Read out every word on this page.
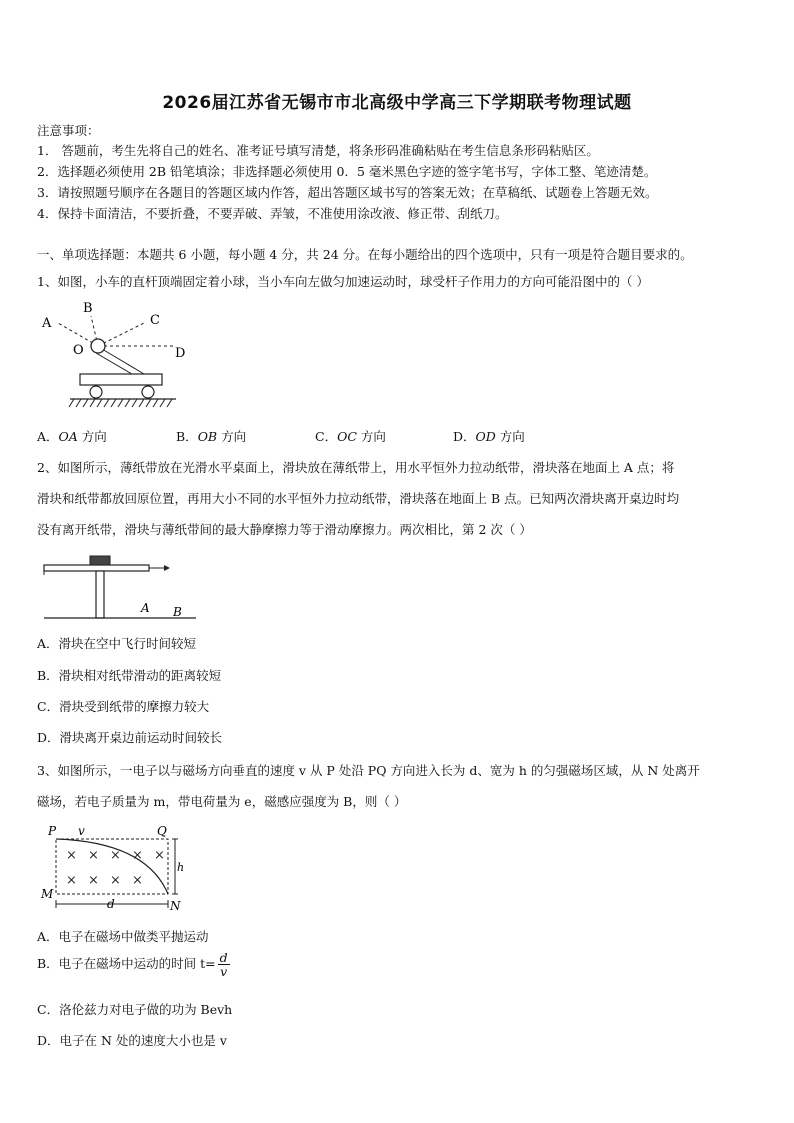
2026届江苏省无锡市市北高级中学高三下学期联考物理试题
注意事项：
1． 答题前，考生先将自己的姓名、准考证号填写清楚，将条形码准确粘贴在考生信息条形码粘贴区。
2．选择题必须使用 2B 铅笔填涂；非选择题必须使用 0．5 毫米黑色字迹的签字笔书写，字体工整、笔迹清楚。
3．请按照题号顺序在各题目的答题区域内作答，超出答题区域书写的答案无效；在草稿纸、试题卷上答题无效。
4．保持卡面清洁，不要折叠，不要弄破、弄皱，不准使用涂改液、修正带、刮纸刀。
一、单项选择题：本题共 6 小题，每小题 4 分，共 24 分。在每小题给出的四个选项中，只有一项是符合题目要求的。
1、如图，小车的直杆顶端固定着小球，当小车向左做匀加速运动时，球受杆子作用力的方向可能沿图中的（ ）
A
B
C
D
O
A．OA 方向	B．OB 方向	C．OC 方向	D．OD 方向
2、如图所示，薄纸带放在光滑水平桌面上，滑块放在薄纸带上，用水平恒外力拉动纸带，滑块落在地面上 A 点；将
滑块和纸带都放回原位置，再用大小不同的水平恒外力拉动纸带，滑块落在地面上 B 点。已知两次滑块离开桌边时均
没有离开纸带，滑块与薄纸带间的最大静摩擦力等于滑动摩擦力。两次相比，第 2 次（ ）
A B
A．滑块在空中飞行时间较短
B．滑块相对纸带滑动的距离较短
C．滑块受到纸带的摩擦力较大
D．滑块离开桌边前运动时间较长
3、如图所示，一电子以与磁场方向垂直的速度 v 从 P 处沿 PQ 方向进入长为 d、宽为 h 的匀强磁场区域，从 N 处离开
磁场，若电子质量为 m，带电荷量为 e，磁感应强度为 B，则（ ）
× × × × ×
× × × ×
P	Q
M
N
v
d
h
A．电子在磁场中做类平抛运动
B．电子在磁场中运动的时间 $t= \frac{d}{v}$
C．洛伦兹力对电子做的功为 Bevh
D．电子在 N 处的速度大小也是 v
